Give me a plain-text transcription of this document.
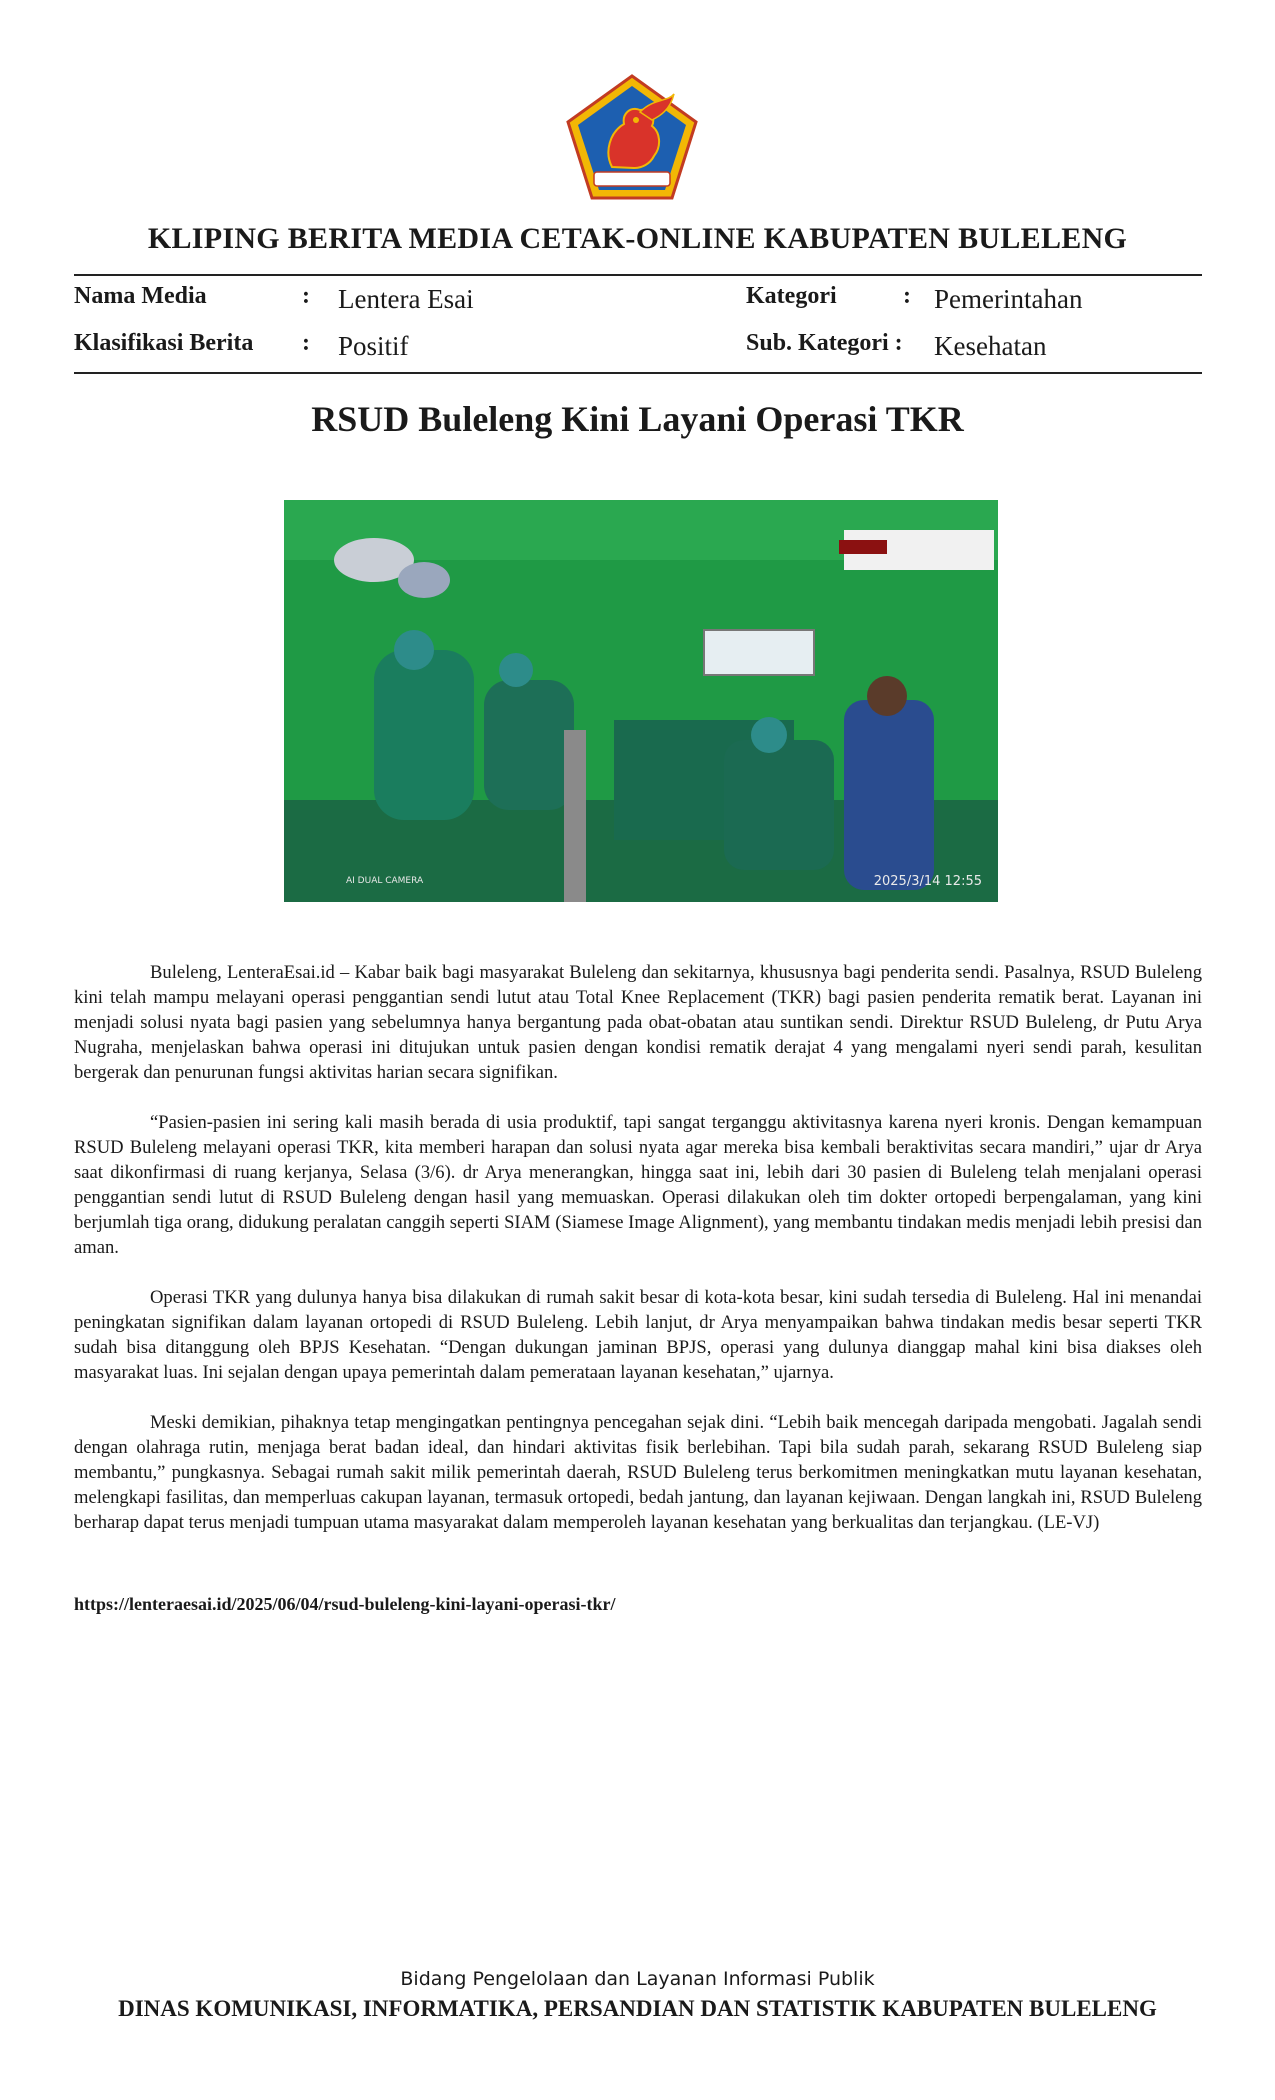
KLIPING BERITA MEDIA CETAK-ONLINE KABUPATEN BULELENG
Nama Media	: Lentera Esai	Kategori	: Pemerintahan
Klasifikasi Berita : Positif	Sub. Kategori : Kesehatan
RSUD Buleleng Kini Layani Operasi TKR
AI DUAL CAMERA	2025/3/14 12:55

Buleleng, LenteraEsai.id – Kabar baik bagi masyarakat Buleleng dan sekitarnya, khususnya bagi penderita sendi. Pasalnya, RSUD Buleleng kini telah mampu melayani operasi penggantian sendi lutut atau Total Knee Replacement (TKR) bagi pasien penderita rematik berat. Layanan ini menjadi solusi nyata bagi pasien yang sebelumnya hanya bergantung pada obat-obatan atau suntikan sendi. Direktur RSUD Buleleng, dr Putu Arya Nugraha, menjelaskan bahwa operasi ini ditujukan untuk pasien dengan kondisi rematik derajat 4 yang mengalami nyeri sendi parah, kesulitan bergerak dan penurunan fungsi aktivitas harian secara signifikan.

“Pasien-pasien ini sering kali masih berada di usia produktif, tapi sangat terganggu aktivitasnya karena nyeri kronis. Dengan kemampuan RSUD Buleleng melayani operasi TKR, kita memberi harapan dan solusi nyata agar mereka bisa kembali beraktivitas secara mandiri,” ujar dr Arya saat dikonfirmasi di ruang kerjanya, Selasa (3/6). dr Arya menerangkan, hingga saat ini, lebih dari 30 pasien di Buleleng telah menjalani operasi penggantian sendi lutut di RSUD Buleleng dengan hasil yang memuaskan. Operasi dilakukan oleh tim dokter ortopedi berpengalaman, yang kini berjumlah tiga orang, didukung peralatan canggih seperti SIAM (Siamese Image Alignment), yang membantu tindakan medis menjadi lebih presisi dan aman.

Operasi TKR yang dulunya hanya bisa dilakukan di rumah sakit besar di kota-kota besar, kini sudah tersedia di Buleleng. Hal ini menandai peningkatan signifikan dalam layanan ortopedi di RSUD Buleleng. Lebih lanjut, dr Arya menyampaikan bahwa tindakan medis besar seperti TKR sudah bisa ditanggung oleh BPJS Kesehatan. “Dengan dukungan jaminan BPJS, operasi yang dulunya dianggap mahal kini bisa diakses oleh masyarakat luas. Ini sejalan dengan upaya pemerintah dalam pemerataan layanan kesehatan,” ujarnya.

Meski demikian, pihaknya tetap mengingatkan pentingnya pencegahan sejak dini. “Lebih baik mencegah daripada mengobati. Jagalah sendi dengan olahraga rutin, menjaga berat badan ideal, dan hindari aktivitas fisik berlebihan. Tapi bila sudah parah, sekarang RSUD Buleleng siap membantu,” pungkasnya. Sebagai rumah sakit milik pemerintah daerah, RSUD Buleleng terus berkomitmen meningkatkan mutu layanan kesehatan, melengkapi fasilitas, dan memperluas cakupan layanan, termasuk ortopedi, bedah jantung, dan layanan kejiwaan. Dengan langkah ini, RSUD Buleleng berharap dapat terus menjadi tumpuan utama masyarakat dalam memperoleh layanan kesehatan yang berkualitas dan terjangkau. (LE-VJ)

https://lenteraesai.id/2025/06/04/rsud-buleleng-kini-layani-operasi-tkr/
Bidang Pengelolaan dan Layanan Informasi Publik
DINAS KOMUNIKASI, INFORMATIKA, PERSANDIAN DAN STATISTIK KABUPATEN BULELENG
